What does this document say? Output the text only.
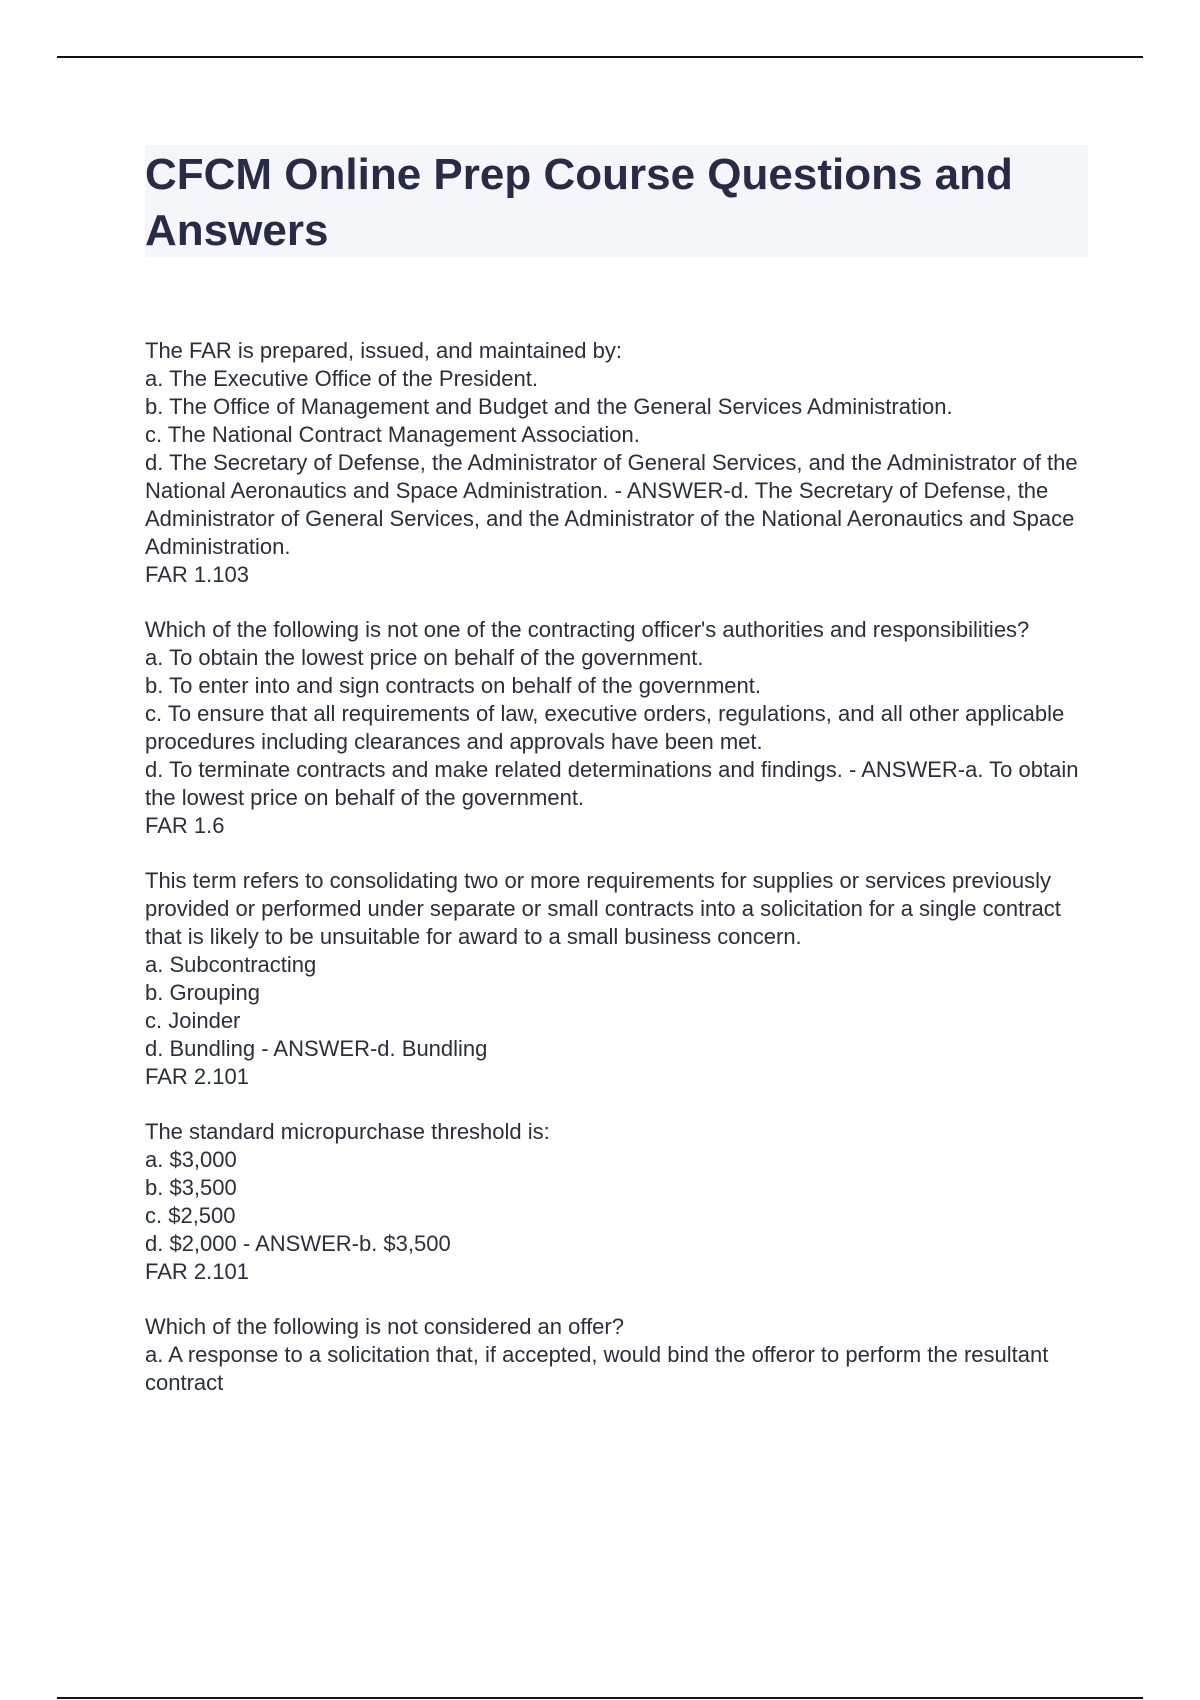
CFCM Online Prep Course Questions and Answers
The FAR is prepared, issued, and maintained by:
a. The Executive Office of the President.
b. The Office of Management and Budget and the General Services Administration.
c. The National Contract Management Association.
d. The Secretary of Defense, the Administrator of General Services, and the Administrator of the National Aeronautics and Space Administration. - ANSWER-d. The Secretary of Defense, the Administrator of General Services, and the Administrator of the National Aeronautics and Space Administration.
FAR 1.103
Which of the following is not one of the contracting officer's authorities and responsibilities?
a. To obtain the lowest price on behalf of the government.
b. To enter into and sign contracts on behalf of the government.
c. To ensure that all requirements of law, executive orders, regulations, and all other applicable procedures including clearances and approvals have been met.
d. To terminate contracts and make related determinations and findings. - ANSWER-a. To obtain the lowest price on behalf of the government.
FAR 1.6
This term refers to consolidating two or more requirements for supplies or services previously provided or performed under separate or small contracts into a solicitation for a single contract that is likely to be unsuitable for award to a small business concern.
a. Subcontracting
b. Grouping
c. Joinder
d. Bundling - ANSWER-d. Bundling
FAR 2.101
The standard micropurchase threshold is:
a. $3,000
b. $3,500
c. $2,500
d. $2,000 - ANSWER-b. $3,500
FAR 2.101
Which of the following is not considered an offer?
a. A response to a solicitation that, if accepted, would bind the offeror to perform the resultant contract
